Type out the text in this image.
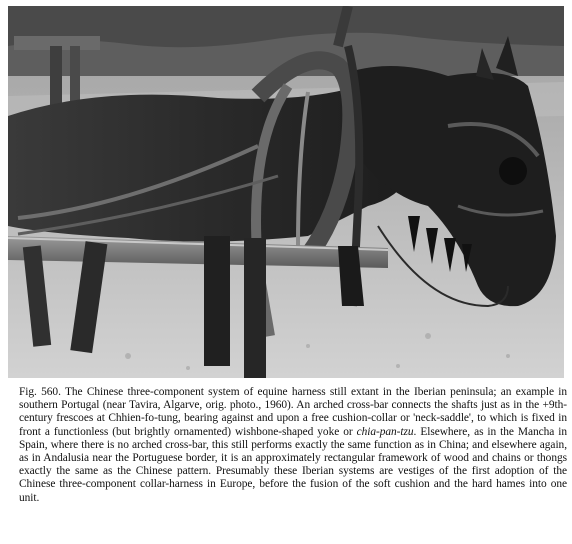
Fig. 560. The Chinese three-component system of equine harness still extant in the Iberian peninsula; an example in southern Portugal (near Tavira, Algarve, orig. photo., 1960). An arched cross-bar connects the shafts just as in the +9th-century frescoes at Chhien-fo-tung, bearing against and upon a free cushion-collar or 'neck-saddle', to which is fixed in front a functionless (but brightly ornamented) wishbone-shaped yoke or chia-pan-tzu. Elsewhere, as in the Mancha in Spain, where there is no arched cross-bar, this still performs exactly the same function as in China; and elsewhere again, as in Andalusia near the Portuguese border, it is an approximately rectangular framework of wood and chains or thongs exactly the same as the Chinese pattern. Presumably these Iberian systems are vestiges of the first adoption of the Chinese three-component collar-harness in Europe, before the fusion of the soft cushion and the hard hames into one unit.
